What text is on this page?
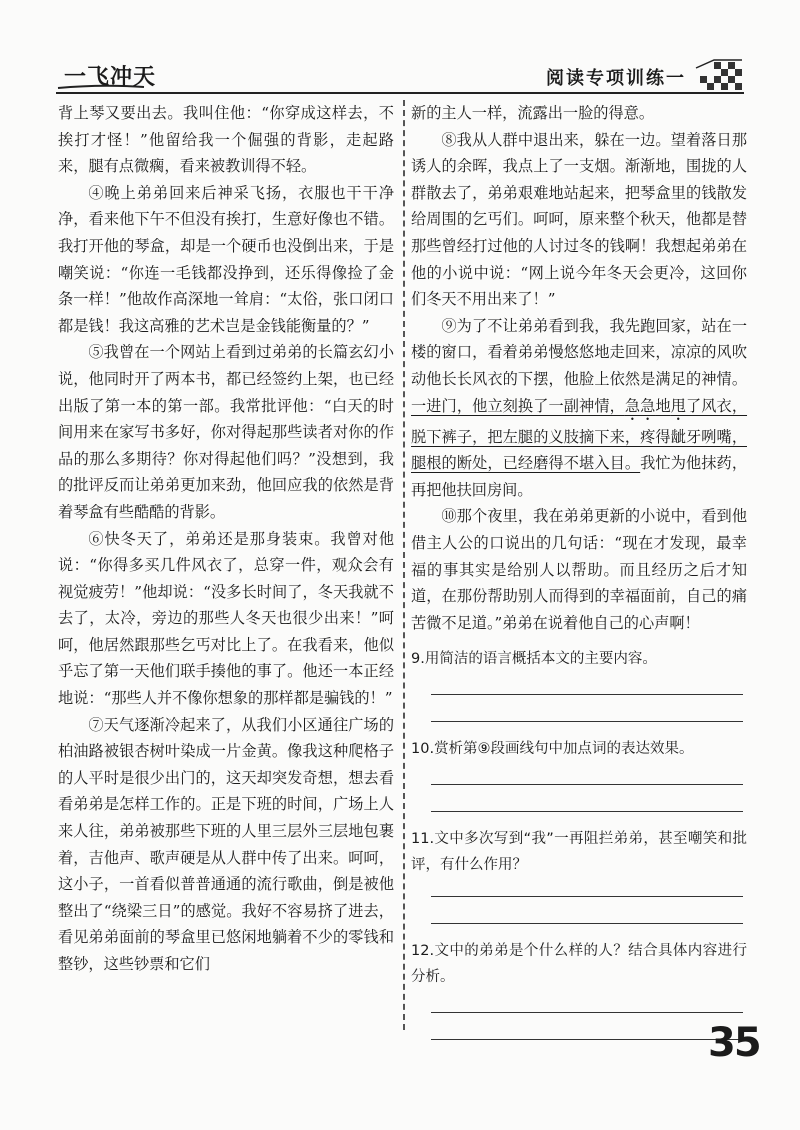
一飞冲天	阅读专项训练一

背上琴又要出去。我叫住他：“你穿成这样去，不挨打才怪！”他留给我一个倔强的背影，走起路来，腿有点微瘸，看来被教训得不轻。

④晚上弟弟回来后神采飞扬，衣服也干干净净，看来他下午不但没有挨打，生意好像也不错。我打开他的琴盒，却是一个硬币也没倒出来，于是嘲笑说：“你连一毛钱都没挣到，还乐得像捡了金条一样！”他故作高深地一耸肩：“太俗，张口闭口都是钱！我这高雅的艺术岂是金钱能衡量的？”

⑤我曾在一个网站上看到过弟弟的长篇玄幻小说，他同时开了两本书，都已经签约上架，也已经出版了第一本的第一部。我常批评他：“白天的时间用来在家写书多好，你对得起那些读者对你的作品的那么多期待？你对得起他们吗？”没想到，我的批评反而让弟弟更加来劲，他回应我的依然是背着琴盒有些酷酷的背影。

⑥快冬天了，弟弟还是那身装束。我曾对他说：“你得多买几件风衣了，总穿一件，观众会有视觉疲劳！”他却说：“没多长时间了，冬天我就不去了，太冷，旁边的那些人冬天也很少出来！”呵呵，他居然跟那些乞丐对比上了。在我看来，他似乎忘了第一天他们联手揍他的事了。他还一本正经地说：“那些人并不像你想象的那样都是骗钱的！”

⑦天气逐渐冷起来了，从我们小区通往广场的柏油路被银杏树叶染成一片金黄。像我这种爬格子的人平时是很少出门的，这天却突发奇想，想去看看弟弟是怎样工作的。正是下班的时间，广场上人来人往，弟弟被那些下班的人里三层外三层地包裹着，吉他声、歌声硬是从人群中传了出来。呵呵，这小子，一首看似普普通通的流行歌曲，倒是被他整出了“绕梁三日”的感觉。我好不容易挤了进去，看见弟弟面前的琴盒里已悠闲地躺着不少的零钱和整钞，这些钞票和它们

新的主人一样，流露出一脸的得意。

⑧我从人群中退出来，躲在一边。望着落日那诱人的余晖，我点上了一支烟。渐渐地，围拢的人群散去了，弟弟艰难地站起来，把琴盒里的钱散发给周围的乞丐们。呵呵，原来整个秋天，他都是替那些曾经打过他的人讨过冬的钱啊！我想起弟弟在他的小说中说：“网上说今年冬天会更冷，这回你们冬天不用出来了！”

⑨为了不让弟弟看到我，我先跑回家，站在一楼的窗口，看着弟弟慢悠悠地走回来，凉凉的风吹动他长长风衣的下摆，他脸上依然是满足的神情。一进门，他立刻换了一副神情，急急地甩了风衣，脱下裤子，把左腿的义肢摘下来，疼得龇牙咧嘴，腿根的断处，已经磨得不堪入目。我忙为他抹药，再把他扶回房间。

⑩那个夜里，我在弟弟更新的小说中，看到他借主人公的口说出的几句话：“现在才发现，最幸福的事其实是给别人以帮助。而且经历之后才知道，在那份帮助别人而得到的幸福面前，自己的痛苦微不足道。”弟弟在说着他自己的心声啊！

9.用简洁的语言概括本文的主要内容。
10.赏析第⑨段画线句中加点词的表达效果。
11.文中多次写到“我”一再阻拦弟弟，甚至嘲笑和批评，有什么作用？
12.文中的弟弟是个什么样的人？结合具体内容进行分析。
35
